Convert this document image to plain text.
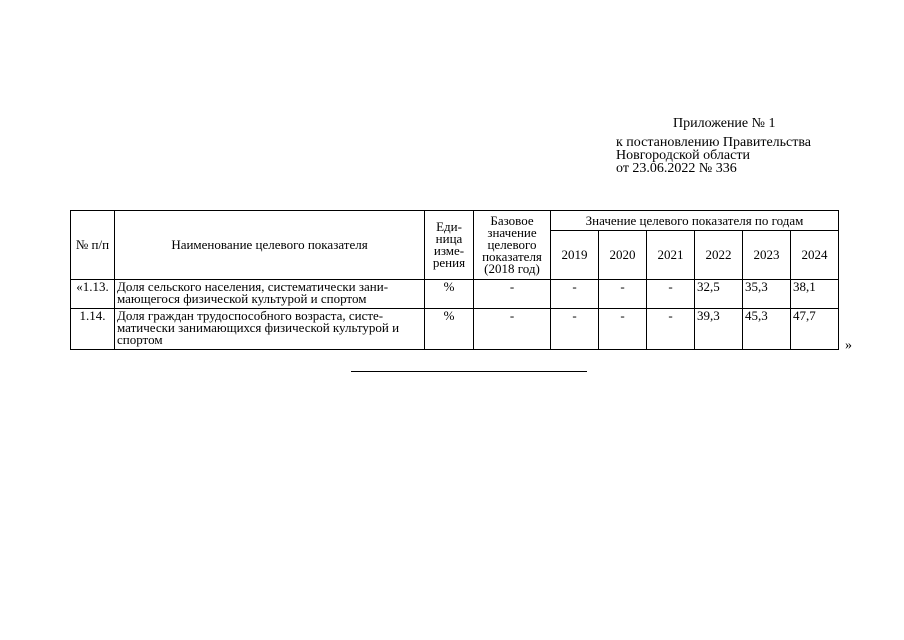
Приложение № 1
к постановлению Правительства
Новгородской области
от 23.06.2022 № 336
№ п/п	Наименование целевого показателя	Еди-ница изме-рения	Базовое значение целевого показателя (2018 год)	Значение целевого показателя по годам					
				2019	2020	2021	2022	2023	2024
«1.13.	Доля сельского населения, систематически зани-мающегося физической культурой и спортом	%	-	-	-	-	32,5	35,3	38,1
1.14.	Доля граждан трудоспособного возраста, систе-матически занимающихся физической культурой и спортом	%	-	-	-	-	39,3	45,3	47,7
»
